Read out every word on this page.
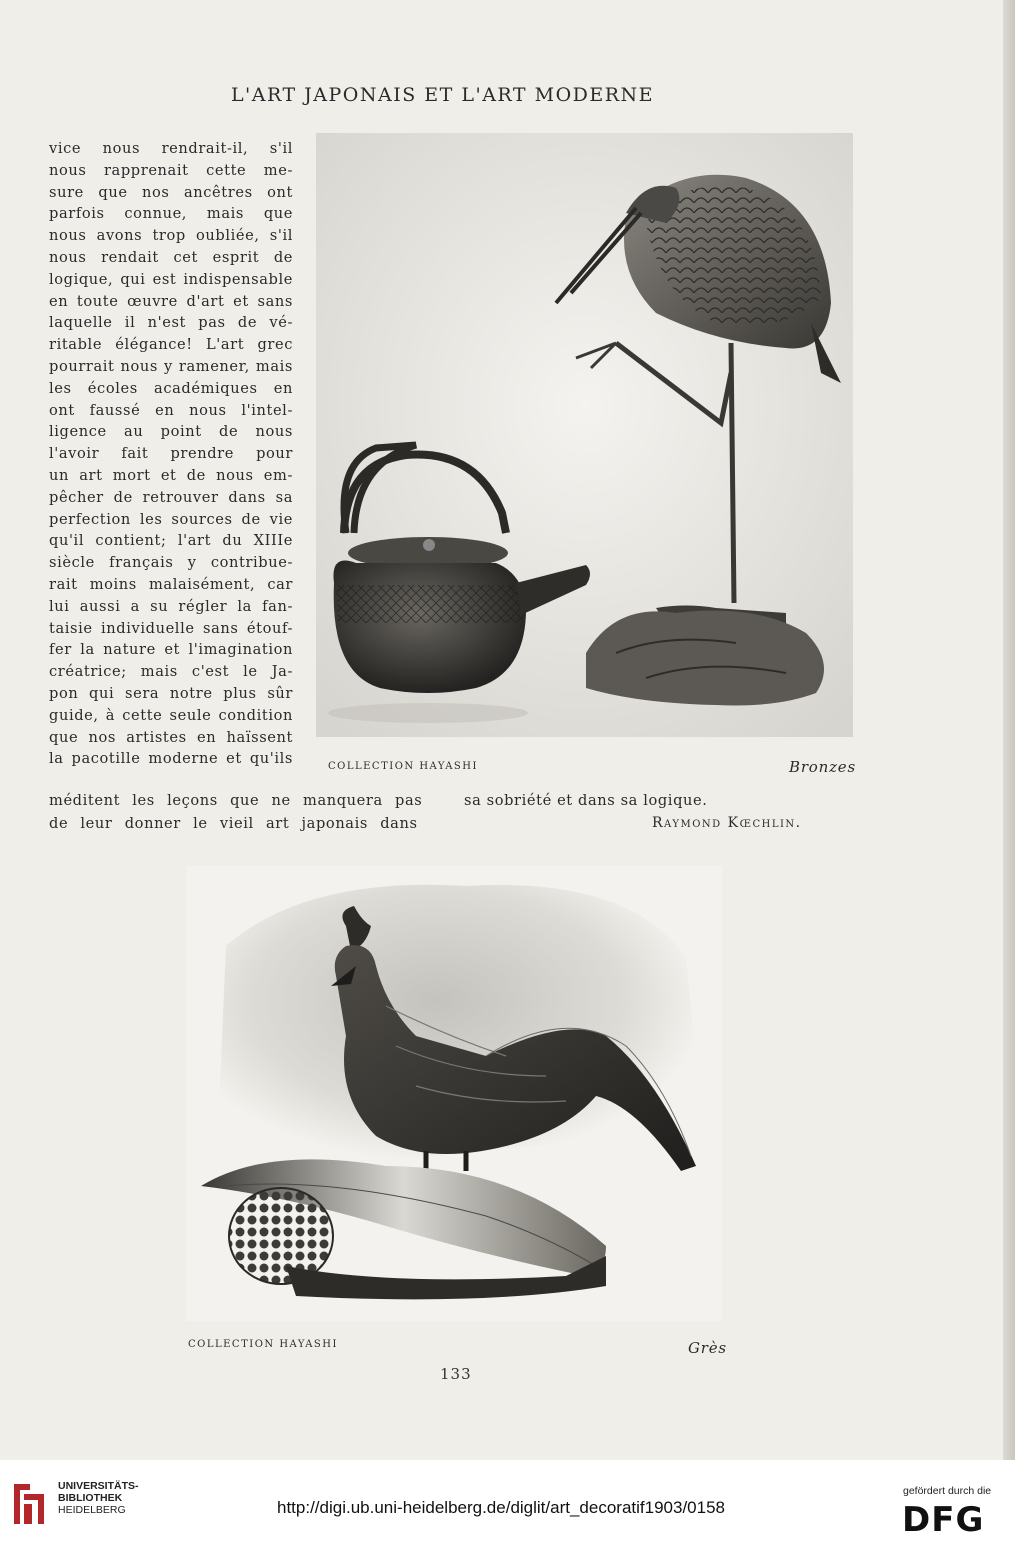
L'ART JAPONAIS ET L'ART MODERNE
vice nous rendrait-il, s'il
nous rapprenait cette me-
sure que nos ancêtres ont
parfois connue, mais que
nous avons trop oubliée, s'il
nous rendait cet esprit de
logique, qui est indispensable
en toute œuvre d'art et sans
laquelle il n'est pas de vé-
ritable élégance! L'art grec
pourrait nous y ramener, mais
les écoles académiques en
ont faussé en nous l'intel-
ligence au point de nous
l'avoir fait prendre pour
un art mort et de nous em-
pêcher de retrouver dans sa
perfection les sources de vie
qu'il contient; l'art du XIIIe
siècle français y contribue-
rait moins malaisément, car
lui aussi a su régler la fan-
taisie individuelle sans étouf-
fer la nature et l'imagination
créatrice; mais c'est le Ja-
pon qui sera notre plus sûr
guide, à cette seule condition
que nos artistes en haïssent
la pacotille moderne et qu'ils	COLLECTION HAYASHI	Bronzes
méditent les leçons que ne manquera pas	sa sobriété et dans sa logique.
de leur donner le vieil art japonais dans	Raymond Kœchlin.
COLLECTION HAYASHI	Grès
133
UNIVERSITÄTS-
BIBLIOTHEK
HEIDELBERG	http://digi.ub.uni-heidelberg.de/diglit/art_decoratif1903/0158
gefördert durch die
DFG
